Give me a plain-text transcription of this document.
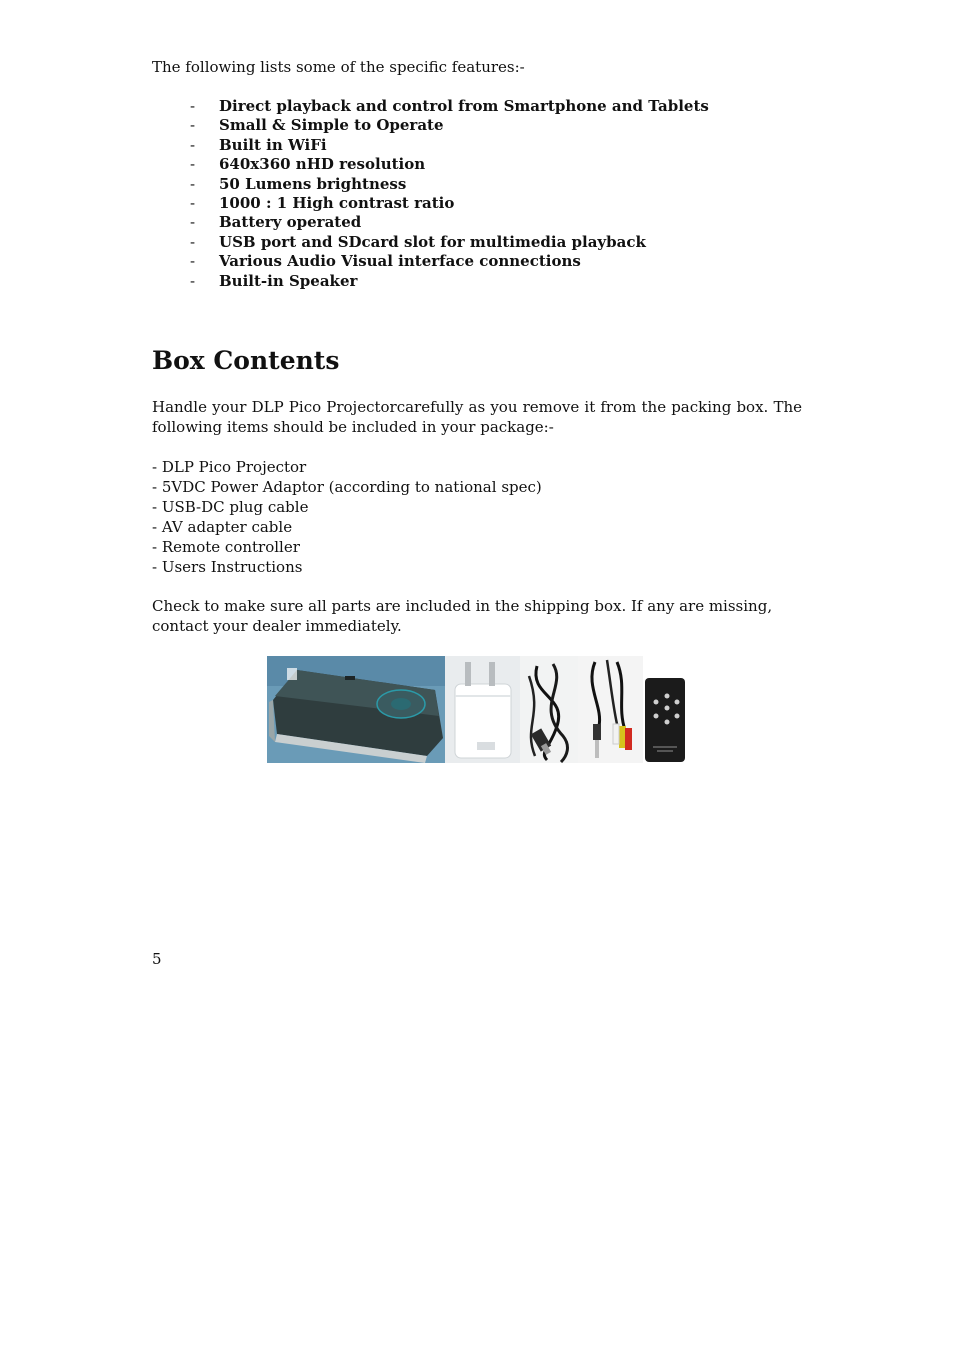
The following lists some of the specific features:-
- Direct playback and control from Smartphone and Tablets
- Small & Simple to Operate
- Built in WiFi
- 640x360 nHD resolution
- 50 Lumens brightness
- 1000 : 1 High contrast ratio
- Battery operated
- USB port and SDcard slot for multimedia playback
- Various Audio Visual interface connections
- Built-in Speaker
Box Contents

Handle your DLP Pico Projectorcarefully as you remove it from the packing box. The following items should be included in your package:-

- DLP Pico Projector
- 5VDC Power Adaptor (according to national spec)
- USB-DC plug cable
- AV adapter cable
- Remote controller
- Users Instructions

Check to make sure all parts are included in the shipping box. If any are missing, contact your dealer immediately.

5
